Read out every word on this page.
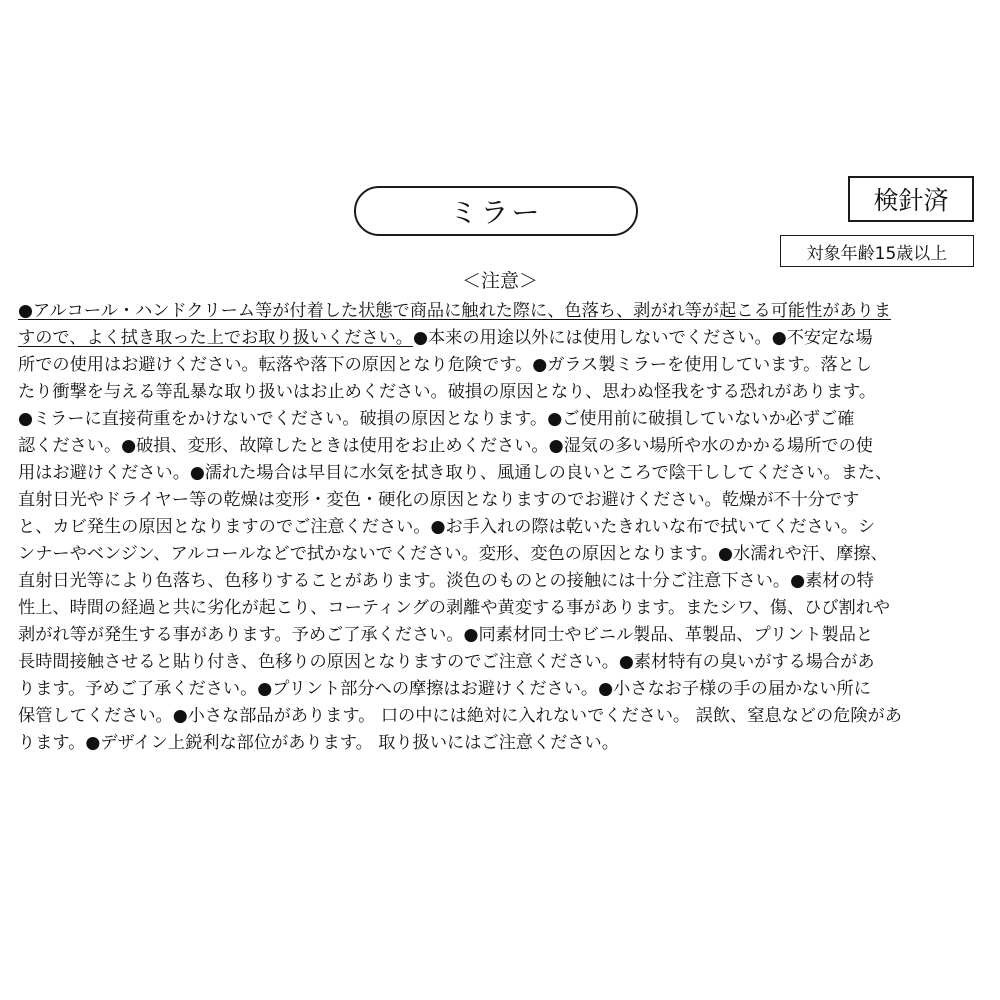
ミラー	検針済
対象年齢15歳以上
＜注意＞
●アルコール・ハンドクリーム等が付着した状態で商品に触れた際に、色落ち、剥がれ等が起こる可能性がありま
すので、よく拭き取った上でお取り扱いください。●本来の用途以外には使用しないでください。●不安定な場
所での使用はお避けください。転落や落下の原因となり危険です。●ガラス製ミラーを使用しています。落とし
たり衝撃を与える等乱暴な取り扱いはお止めください。破損の原因となり、思わぬ怪我をする恐れがあります。
●ミラーに直接荷重をかけないでください。破損の原因となります。●ご使用前に破損していないか必ずご確
認ください。●破損、変形、故障したときは使用をお止めください。●湿気の多い場所や水のかかる場所での使
用はお避けください。●濡れた場合は早目に水気を拭き取り、風通しの良いところで陰干ししてください。また、
直射日光やドライヤー等の乾燥は変形・変色・硬化の原因となりますのでお避けください。乾燥が不十分です
と、カビ発生の原因となりますのでご注意ください。●お手入れの際は乾いたきれいな布で拭いてください。シ
ンナーやベンジン、アルコールなどで拭かないでください。変形、変色の原因となります。●水濡れや汗、摩擦、
直射日光等により色落ち、色移りすることがあります。淡色のものとの接触には十分ご注意下さい。●素材の特
性上、時間の経過と共に劣化が起こり、コーティングの剥離や黄変する事があります。またシワ、傷、ひび割れや
剥がれ等が発生する事があります。予めご了承ください。●同素材同士やビニル製品、革製品、プリント製品と
長時間接触させると貼り付き、色移りの原因となりますのでご注意ください。●素材特有の臭いがする場合があ
ります。予めご了承ください。●プリント部分への摩擦はお避けください。●小さなお子様の手の届かない所に
保管してください。●小さな部品があります。 口の中には絶対に入れないでください。 誤飲、窒息などの危険があ
ります。●デザイン上鋭利な部位があります。 取り扱いにはご注意ください。
